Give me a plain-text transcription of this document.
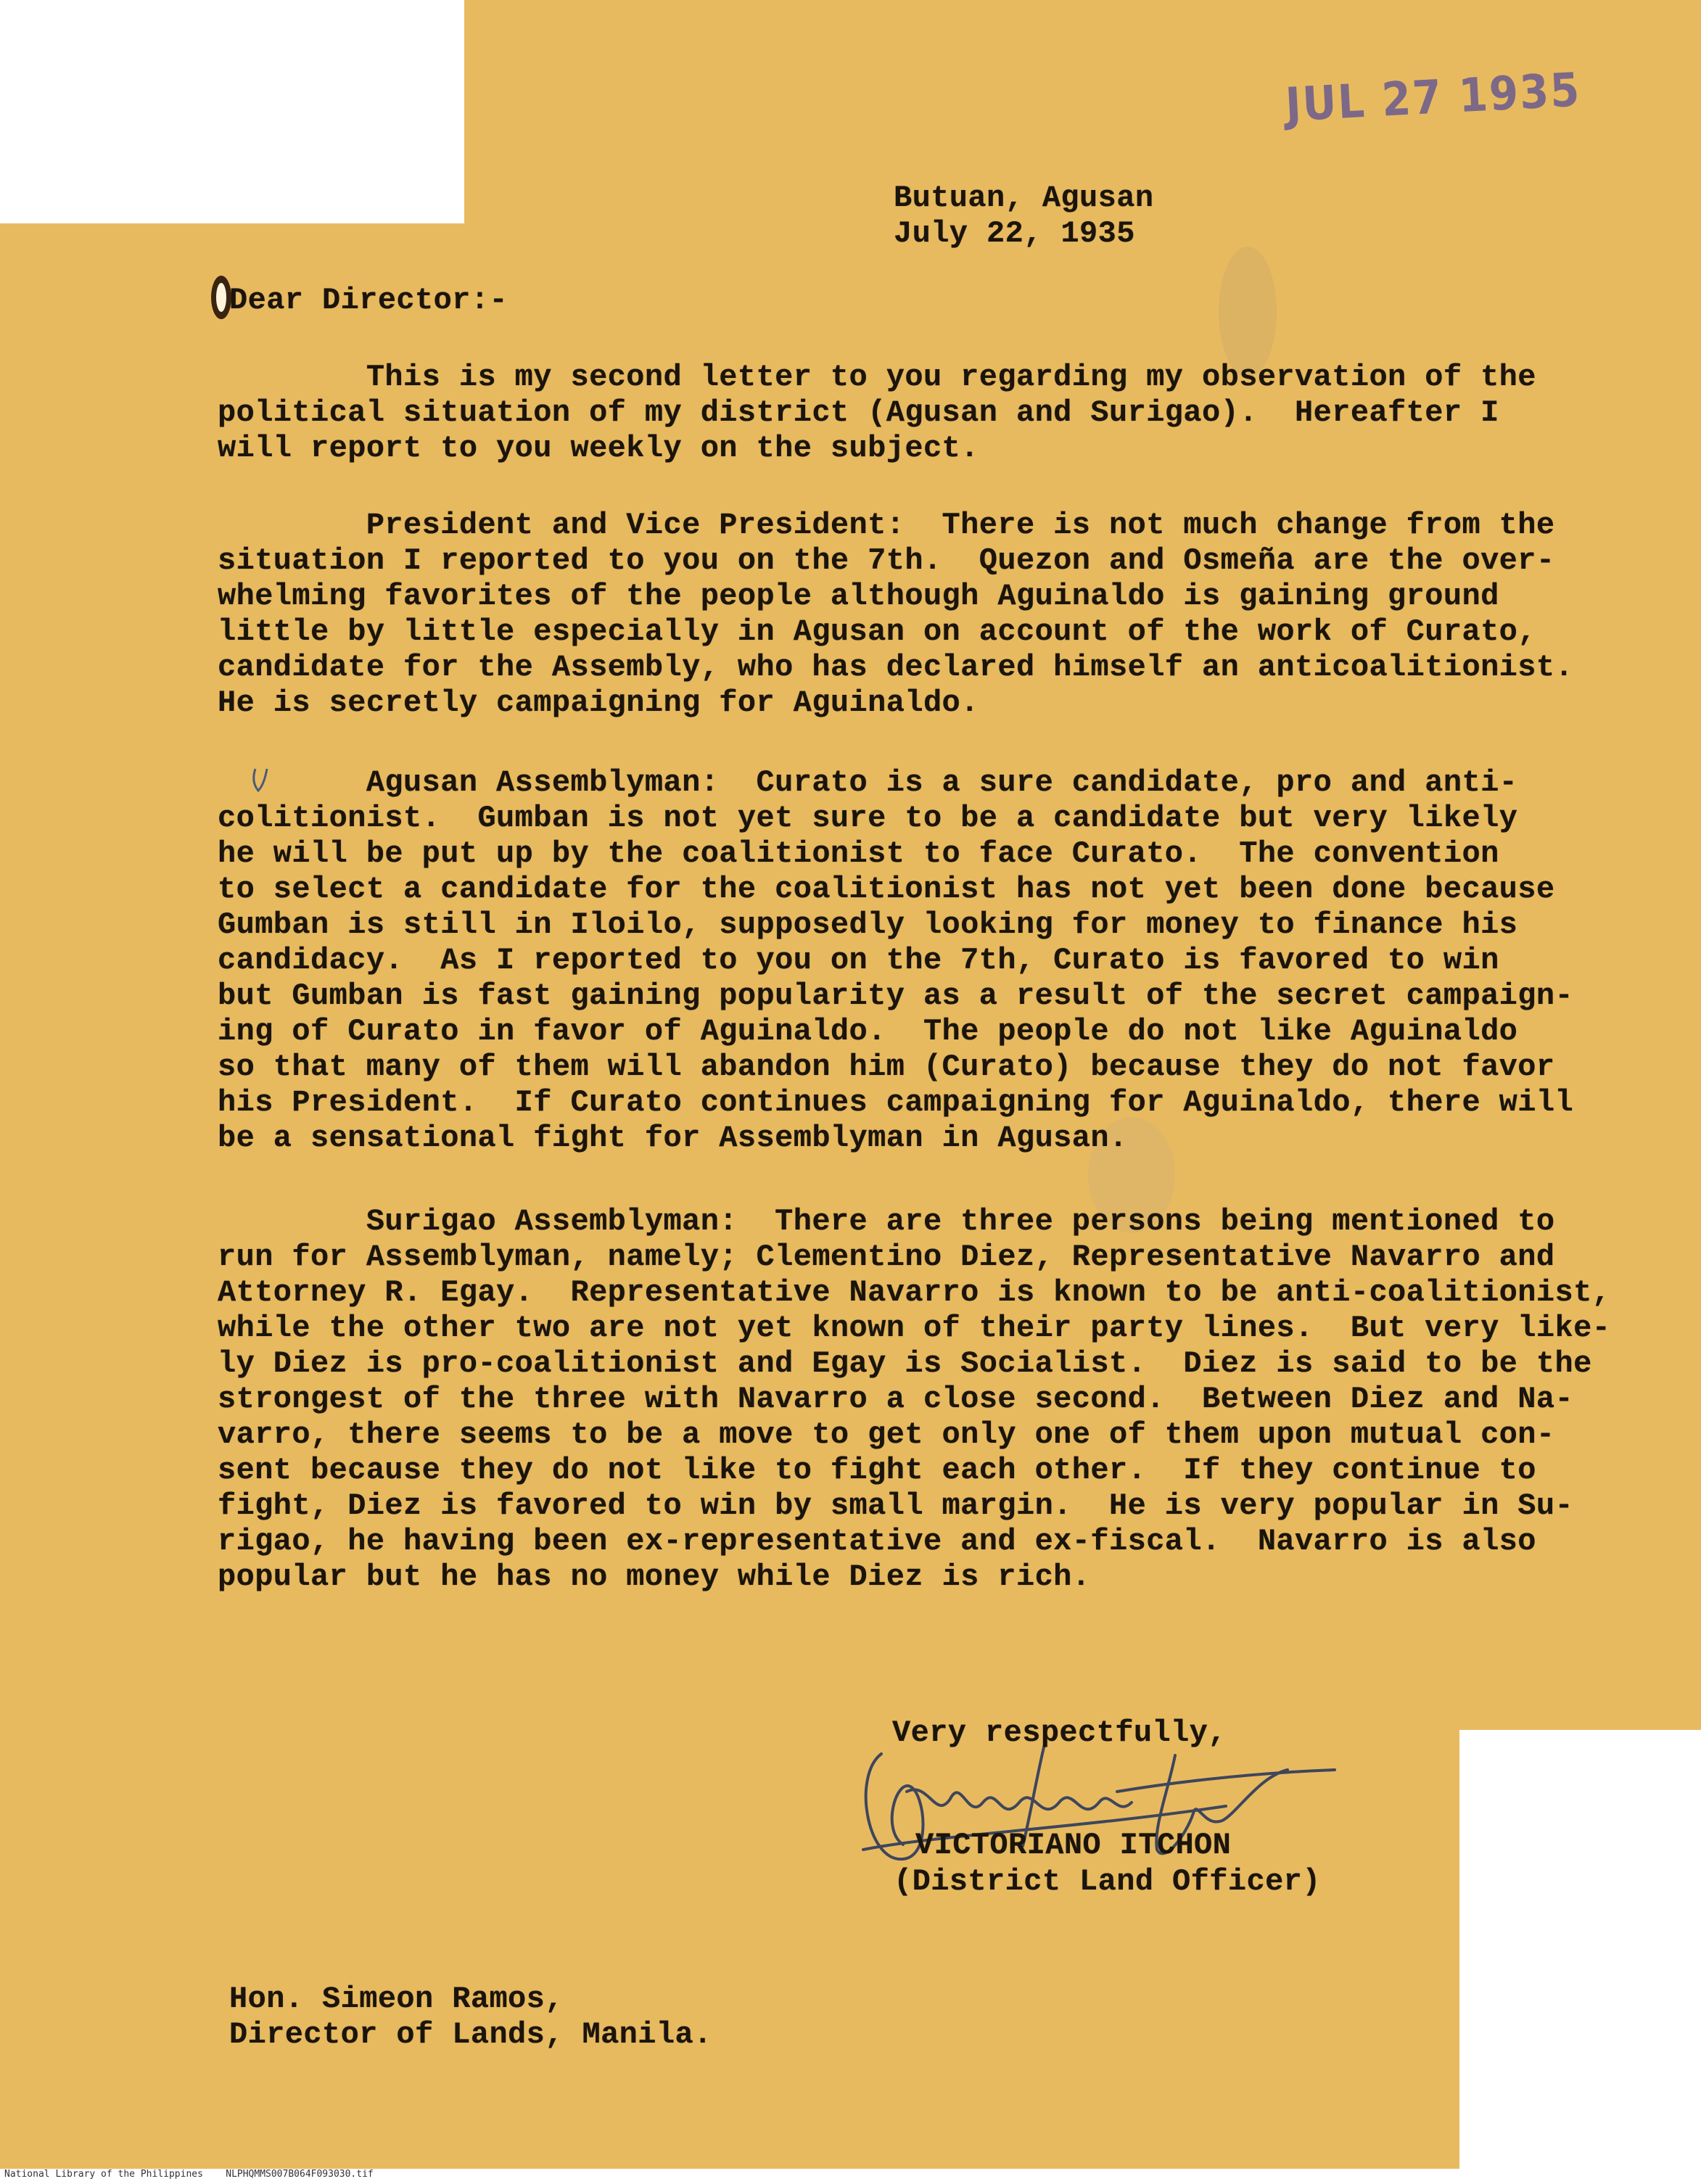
JUL 27 1935
Butuan, Agusan
July 22, 1935
Dear Director:-
This is my second letter to you regarding my observation of the
political situation of my district (Agusan and Surigao).  Hereafter I
will report to you weekly on the subject.
President and Vice President:  There is not much change from the
situation I reported to you on the 7th.  Quezon and Osmeña are the over-
whelming favorites of the people although Aguinaldo is gaining ground
little by little especially in Agusan on account of the work of Curato,
candidate for the Assembly, who has declared himself an anticoalitionist.
He is secretly campaigning for Aguinaldo.
Agusan Assemblyman:  Curato is a sure candidate, pro and anti-
colitionist.  Gumban is not yet sure to be a candidate but very likely
he will be put up by the coalitionist to face Curato.  The convention
to select a candidate for the coalitionist has not yet been done because
Gumban is still in Iloilo, supposedly looking for money to finance his
candidacy.  As I reported to you on the 7th, Curato is favored to win
but Gumban is fast gaining popularity as a result of the secret campaign-
ing of Curato in favor of Aguinaldo.  The people do not like Aguinaldo
so that many of them will abandon him (Curato) because they do not favor
his President.  If Curato continues campaigning for Aguinaldo, there will
be a sensational fight for Assemblyman in Agusan.
Surigao Assemblyman:  There are three persons being mentioned to
run for Assemblyman, namely; Clementino Diez, Representative Navarro and
Attorney R. Egay.  Representative Navarro is known to be anti-coalitionist,
while the other two are not yet known of their party lines.  But very like-
ly Diez is pro-coalitionist and Egay is Socialist.  Diez is said to be the
strongest of the three with Navarro a close second.  Between Diez and Na-
varro, there seems to be a move to get only one of them upon mutual con-
sent because they do not like to fight each other.  If they continue to
fight, Diez is favored to win by small margin.  He is very popular in Su-
rigao, he having been ex-representative and ex-fiscal.  Navarro is also
popular but he has no money while Diez is rich.
Very respectfully,
VICTORIANO ITCHON
(District Land Officer)
Hon. Simeon Ramos,
Director of Lands, Manila.
National Library of the Philippines    NLPHQMMS007B064F093030.tif
